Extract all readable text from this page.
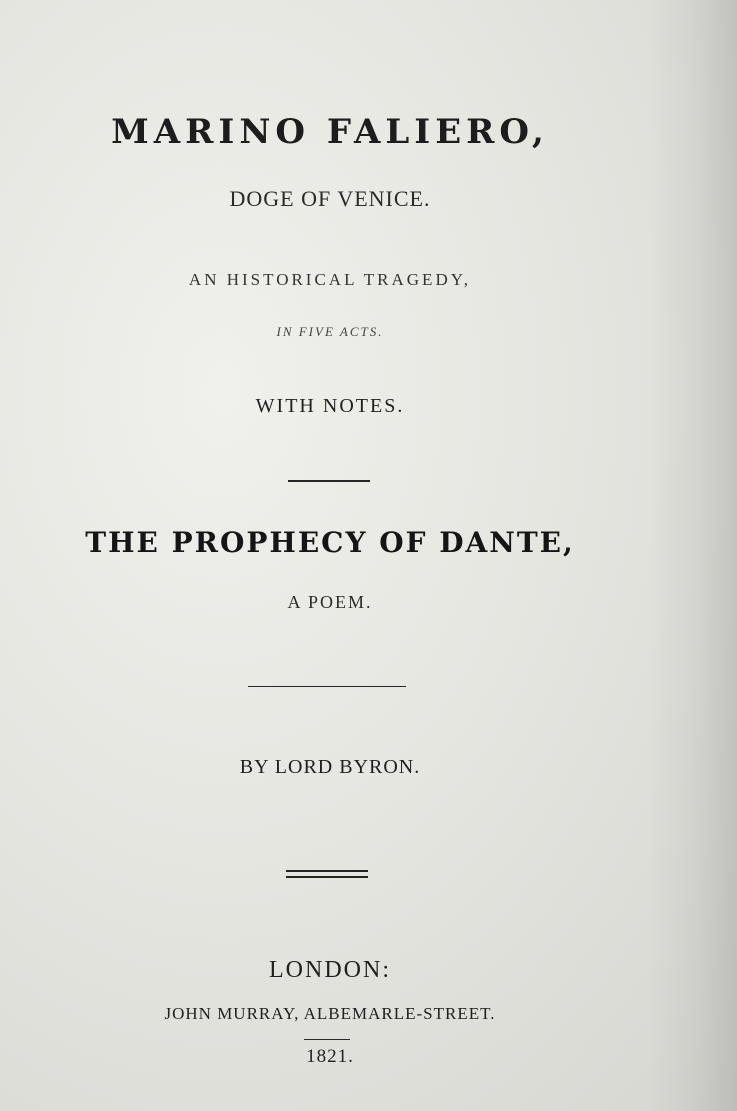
MARINO FALIERO,
DOGE OF VENICE.
AN HISTORICAL TRAGEDY,
IN FIVE ACTS.
WITH NOTES.
THE PROPHECY OF DANTE,
A POEM.
BY LORD BYRON.
LONDON:
JOHN MURRAY, ALBEMARLE-STREET.
1821.
